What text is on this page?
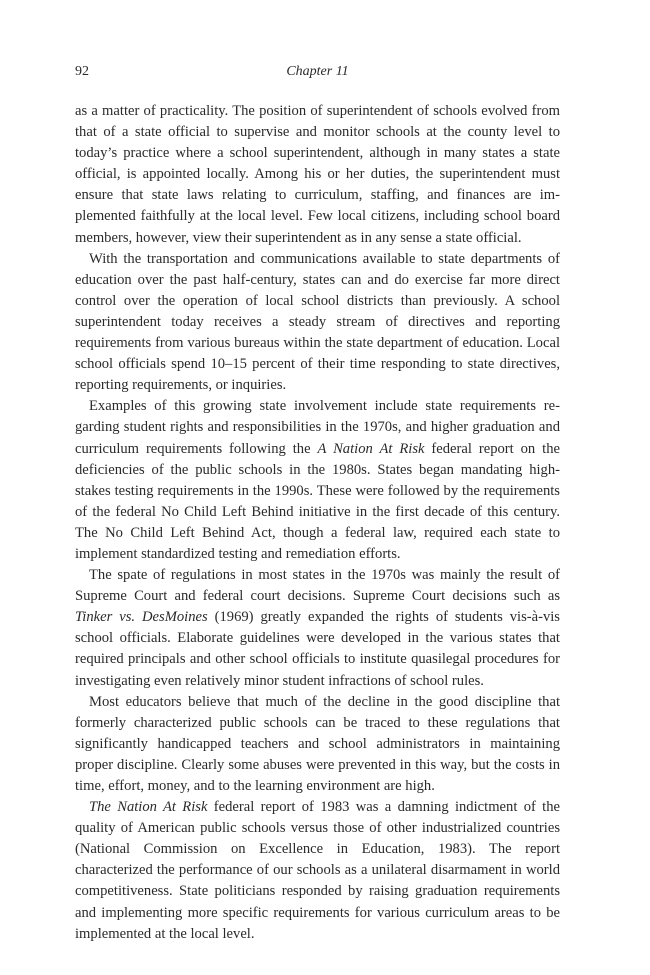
92	Chapter 11

as a matter of practicality. The position of superintendent of schools evolved from that of a state official to supervise and monitor schools at the county level to today’s practice where a school superintendent, although in many states a state official, is appointed locally. Among his or her duties, the superintendent must ensure that state laws relating to curriculum, staffing, and finances are implemented faithfully at the local level. Few local citizens, including school board members, however, view their superintendent as in any sense a state official.

With the transportation and communications available to state departments of education over the past half-century, states can and do exercise far more direct control over the operation of local school districts than previously. A school superintendent today receives a steady stream of directives and reporting requirements from various bureaus within the state department of education. Local school officials spend 10–15 percent of their time responding to state directives, reporting requirements, or inquiries.

Examples of this growing state involvement include state requirements regarding student rights and responsibilities in the 1970s, and higher graduation and curriculum requirements following the A Nation At Risk federal report on the deficiencies of the public schools in the 1980s. States began mandating high-stakes testing requirements in the 1990s. These were followed by the requirements of the federal No Child Left Behind initiative in the first decade of this century. The No Child Left Behind Act, though a federal law, required each state to implement standardized testing and remediation efforts.

The spate of regulations in most states in the 1970s was mainly the result of Supreme Court and federal court decisions. Supreme Court decisions such as Tinker vs. DesMoines (1969) greatly expanded the rights of students vis-à-vis school officials. Elaborate guidelines were developed in the various states that required principals and other school officials to institute quasilegal procedures for investigating even relatively minor student infractions of school rules.

Most educators believe that much of the decline in the good discipline that formerly characterized public schools can be traced to these regulations that significantly handicapped teachers and school administrators in maintaining proper discipline. Clearly some abuses were prevented in this way, but the costs in time, effort, money, and to the learning environment are high.

The Nation At Risk federal report of 1983 was a damning indictment of the quality of American public schools versus those of other industrialized countries (National Commission on Excellence in Education, 1983). The report characterized the performance of our schools as a unilateral disarmament in world competitiveness. State politicians responded by raising graduation requirements and implementing more specific requirements for various curriculum areas to be implemented at the local level.
